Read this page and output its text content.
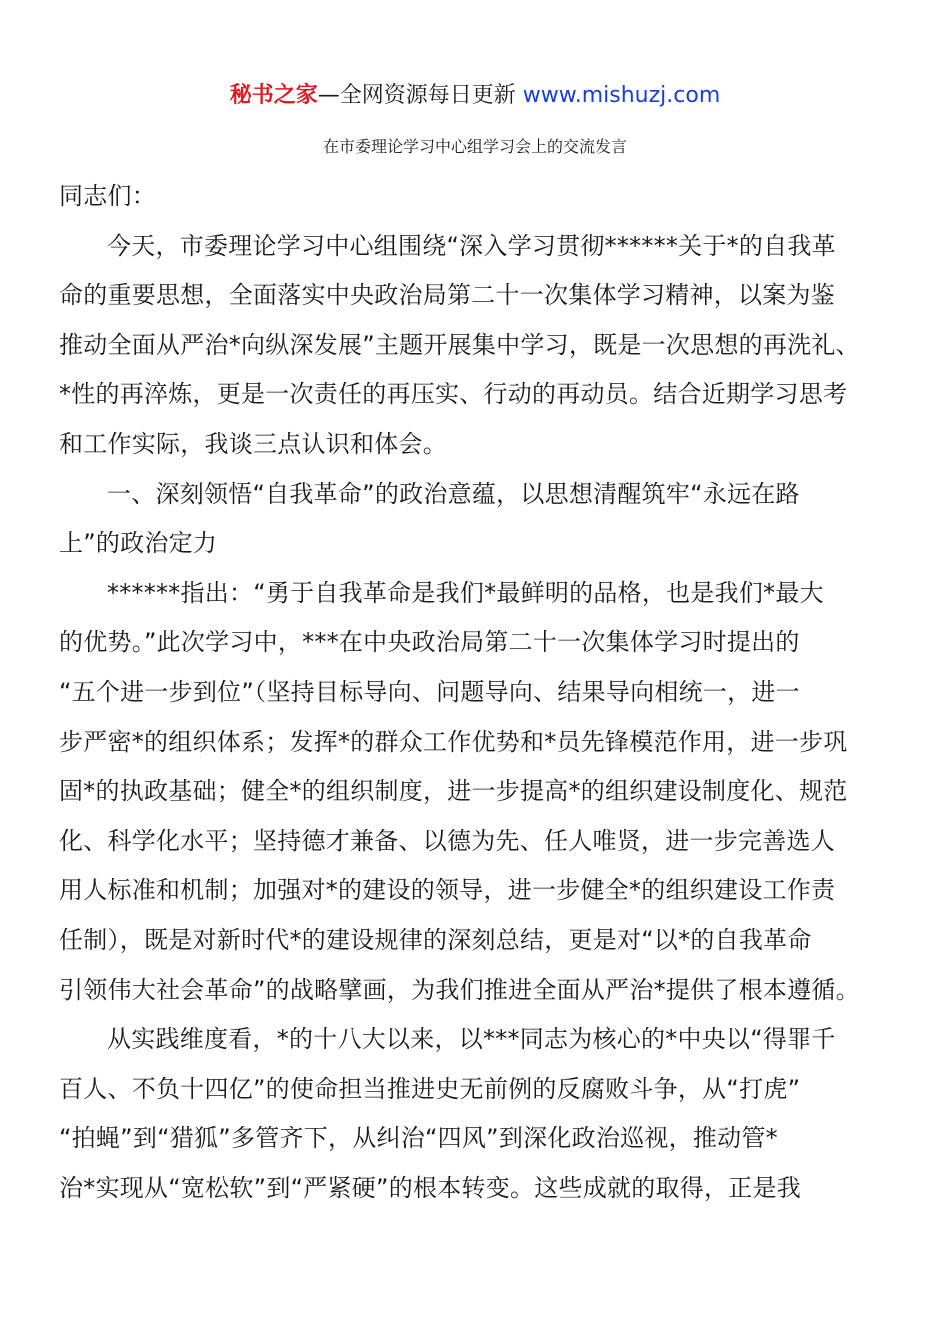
秘书之家—全网资源每日更新 www.mishuzj.com
在市委理论学习中心组学习会上的交流发言
同志们：
今天，市委理论学习中心组围绕“深入学习贯彻******关于*的自我革
命的重要思想，全面落实中央政治局第二十一次集体学习精神，以案为鉴
推动全面从严治*向纵深发展”主题开展集中学习，既是一次思想的再洗礼、
*性的再淬炼，更是一次责任的再压实、行动的再动员。结合近期学习思考
和工作实际，我谈三点认识和体会。
一、深刻领悟“自我革命”的政治意蕴，以思想清醒筑牢“永远在路
上”的政治定力
******指出：“勇于自我革命是我们*最鲜明的品格，也是我们*最大
的优势。”此次学习中，***在中央政治局第二十一次集体学习时提出的
“五个进一步到位”（坚持目标导向、问题导向、结果导向相统一，进一
步严密*的组织体系；发挥*的群众工作优势和*员先锋模范作用，进一步巩
固*的执政基础；健全*的组织制度，进一步提高*的组织建设制度化、规范
化、科学化水平；坚持德才兼备、以德为先、任人唯贤，进一步完善选人
用人标准和机制；加强对*的建设的领导，进一步健全*的组织建设工作责
任制），既是对新时代*的建设规律的深刻总结，更是对“以*的自我革命
引领伟大社会革命”的战略擘画，为我们推进全面从严治*提供了根本遵循。
从实践维度看，*的十八大以来，以***同志为核心的*中央以“得罪千
百人、不负十四亿”的使命担当推进史无前例的反腐败斗争，从“打虎”
“拍蝇”到“猎狐”多管齐下，从纠治“四风”到深化政治巡视，推动管*
治*实现从“宽松软”到“严紧硬”的根本转变。这些成就的取得，正是我
